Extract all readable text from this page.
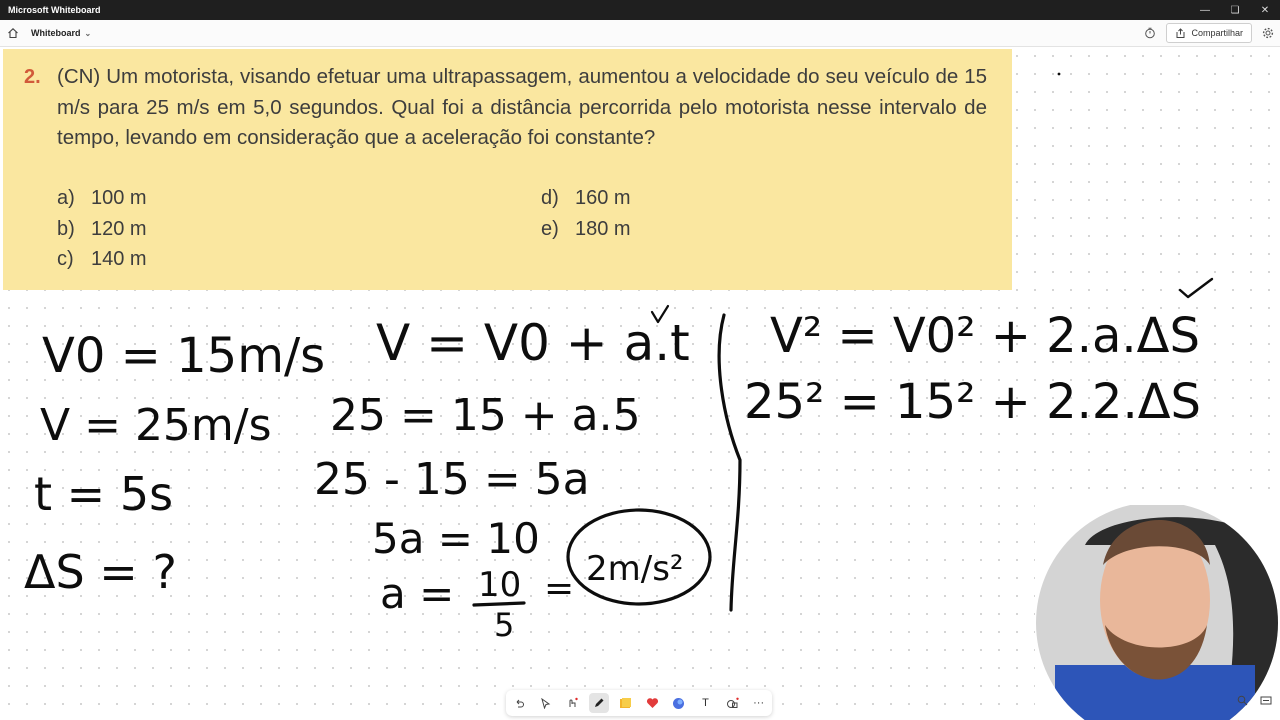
Microsoft Whiteboard	—	❏	✕
Whiteboard ⌄	Compartilhar
2. (CN) Um motorista, visando efetuar uma ultrapassagem, aumentou a velocidade do seu veículo de 15 m/s para 25 m/s em 5,0 segundos. Qual foi a distância percorrida pelo motorista nesse intervalo de tempo, levando em consideração que a aceleração foi constante?
a) 100 m
b) 120 m
c) 140 m
d) 160 m
e) 180 m
V0 = 15m/s
V = 25m/s
t = 5s
ΔS = ?
V = V0 + a.t
25 = 15 + a.5
25 - 15 = 5a
5a = 10
a = 10
5
= 2m/s²
V² = V0² + 2.a.ΔS
25² = 15² + 2.2.ΔS
T	···
